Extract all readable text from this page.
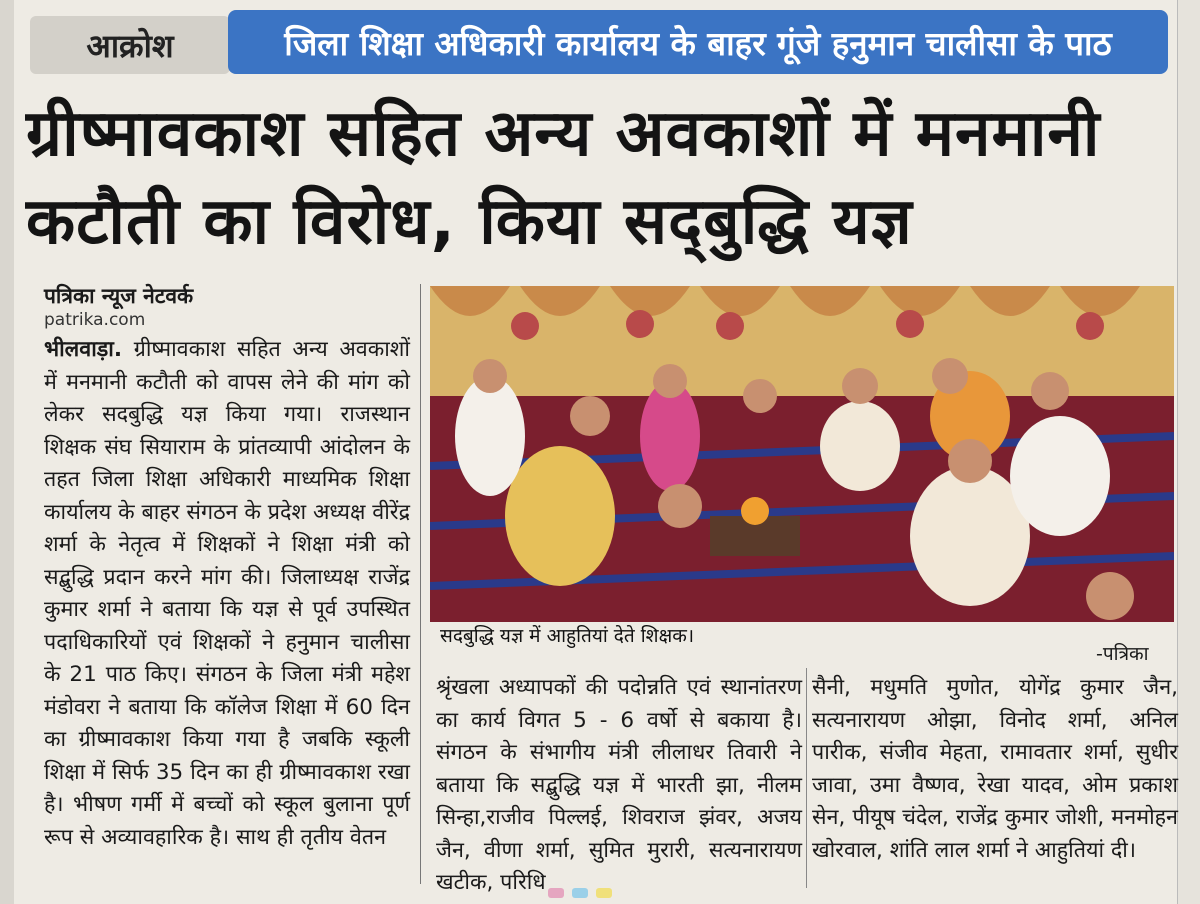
आक्रोश	जिला शिक्षा अधिकारी कार्यालय के बाहर गूंजे हनुमान चालीसा के पाठ
ग्रीष्मावकाश सहित अन्य अवकाशों में मनमानी
कटौती का विरोध, किया सद्‌बुद्धि यज्ञ
पत्रिका न्यूज नेटवर्क
patrika.com
भीलवाड़ा. ग्रीष्मावकाश सहित अन्य अवकाशों में मनमानी कटौती को वापस लेने की मांग को लेकर सदबुद्धि यज्ञ किया गया। राजस्थान शिक्षक संघ सियाराम के प्रांतव्यापी आंदोलन के तहत जिला शिक्षा अधिकारी माध्यमिक शिक्षा कार्यालय के बाहर संगठन के प्रदेश अध्यक्ष वीरेंद्र शर्मा के नेतृत्व में शिक्षकों ने शिक्षा मंत्री को सद्बुद्धि प्रदान करने मांग की। जिलाध्यक्ष राजेंद्र कुमार शर्मा ने बताया कि यज्ञ से पूर्व उपस्थित पदाधिकारियों एवं शिक्षकों ने हनुमान चालीसा के 21 पाठ किए। संगठन के जिला मंत्री महेश मंडोवरा ने बताया कि कॉलेज शिक्षा में 60 दिन का ग्रीष्मावकाश किया गया है जबकि स्कूली शिक्षा में सिर्फ 35 दिन का ही ग्रीष्मावकाश रखा है। भीषण गर्मी में बच्चों को स्कूल बुलाना पूर्ण रूप से अव्यावहारिक है। साथ ही तृतीय वेतन
सदबुद्धि यज्ञ में आहुतियां देते शिक्षक।
-पत्रिका
श्रृंखला अध्यापकों की पदोन्नति एवं स्थानांतरण का कार्य विगत 5 - 6 वर्षो से बकाया है। संगठन के संभागीय मंत्री लीलाधर तिवारी ने बताया कि सद्बुद्धि यज्ञ में भारती झा, नीलम सिन्हा,राजीव पिल्लई, शिवराज झंवर, अजय जैन, वीणा शर्मा, सुमित मुरारी, सत्यनारायण खटीक, परिधि
सैनी, मधुमति मुणोत, योगेंद्र कुमार जैन, सत्यनारायण ओझा, विनोद शर्मा, अनिल पारीक, संजीव मेहता, रामावतार शर्मा, सुधीर जावा, उमा वैष्णव, रेखा यादव, ओम प्रकाश सेन, पीयूष चंदेल, राजेंद्र कुमार जोशी, मनमोहन खोरवाल, शांति लाल शर्मा ने आहुतियां दी।
